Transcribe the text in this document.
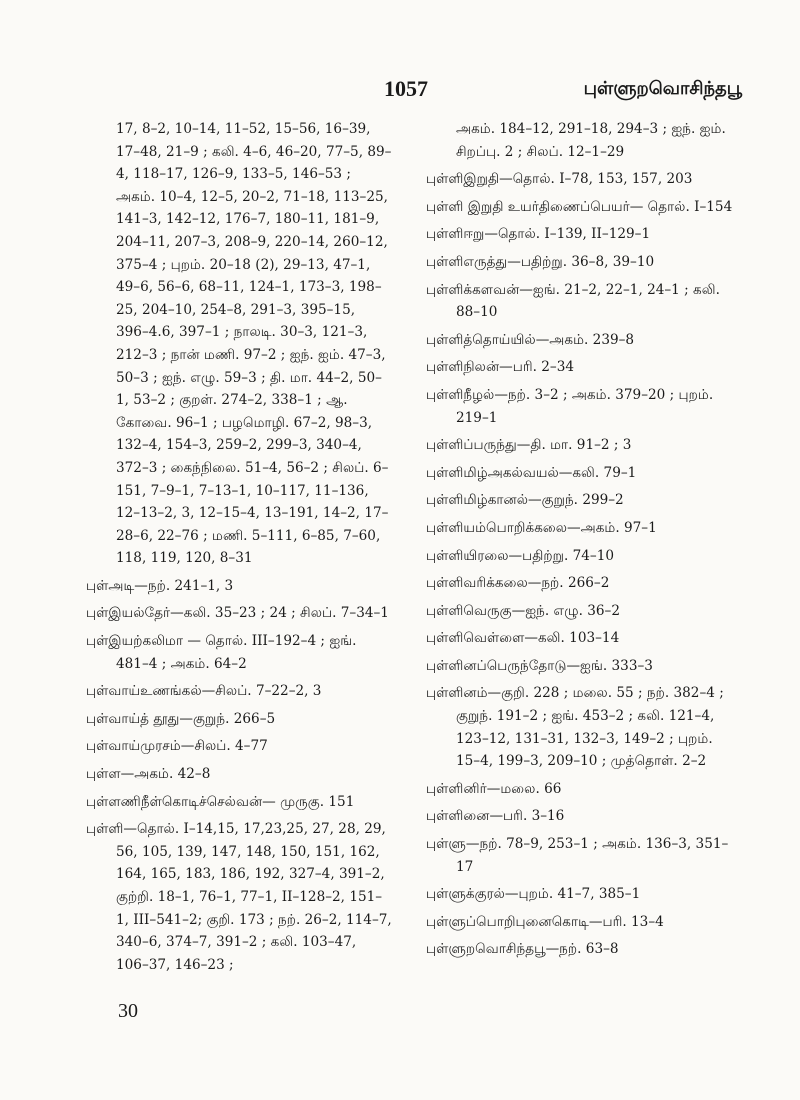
1057	புள்ளுறவொசிந்தபூ
17, 8–2, 10–14, 11–52, 15–56, 16–39, 17–48, 21–9 ; கலி. 4–6, 46–20, 77–5, 89–4, 118–17, 126–9, 133–5, 146–53 ; அகம். 10–4, 12–5, 20–2, 71–18, 113–25, 141–3, 142–12, 176–7, 180–11, 181–9, 204–11, 207–3, 208–9, 220–14, 260–12, 375–4 ; புறம். 20–18 (2), 29–13, 47–1, 49–6, 56–6, 68–11, 124–1, 173–3, 198–25, 204–10, 254–8, 291–3, 395–15, 396–4.6, 397–1 ; நாலடி. 30–3, 121–3, 212–3 ; நான் மணி. 97–2 ; ஐந். ஐம். 47–3, 50–3 ; ஐந். எழு. 59–3 ; தி. மா. 44–2, 50–1, 53–2 ; குறள். 274–2, 338–1 ; ஆ. கோவை. 96–1 ; பழமொழி. 67–2, 98–3, 132–4, 154–3, 259–2, 299–3, 340–4, 372–3 ; கைந்நிலை. 51–4, 56–2 ; சிலப். 6–151, 7–9–1, 7–13–1, 10–117, 11–136, 12–13–2, 3, 12–15–4, 13–191, 14–2, 17–28–6, 22–76 ; மணி. 5–111, 6–85, 7–60, 118, 119, 120, 8–31
புள்அடி—நற். 241–1, 3
புள்இயல்தேர்—கலி. 35–23 ; 24 ; சிலப். 7–34–1
புள்இயற்கலிமா — தொல். III–192–4 ; ஐங். 481–4 ; அகம். 64–2
புள்வாய்உணங்கல்—சிலப். 7–22–2, 3
புள்வாய்த் தூது—குறுந். 266–5
புள்வாய்முரசம்—சிலப். 4–77
புள்ள—அகம். 42–8
புள்ளணிநீள்கொடிச்செல்வன்— முருகு. 151
புள்ளி—தொல். I–14,15, 17,23,25, 27, 28, 29, 56, 105, 139, 147, 148, 150, 151, 162, 164, 165, 183, 186, 192, 327–4, 391–2, குற்றி. 18–1, 76–1, 77–1, II–128–2, 151–1, III–541–2; குறி. 173 ; நற். 26–2, 114–7, 340–6, 374–7, 391–2 ; கலி. 103–47, 106–37, 146–23 ;
அகம். 184–12, 291–18, 294–3 ; ஐந். ஐம். சிறப்பு. 2 ; சிலப். 12–1–29
புள்ளிஇறுதி—தொல். I–78, 153, 157, 203
புள்ளி இறுதி உயர்திணைப்பெயர்— தொல். I–154
புள்ளிஈறு—தொல். I–139, II–129–1
புள்ளிஎருத்து—பதிற்று. 36–8, 39–10
புள்ளிக்களவன்—ஐங். 21–2, 22–1, 24–1 ; கலி. 88–10
புள்ளித்தொய்யில்—அகம். 239–8
புள்ளிநிலன்—பரி. 2–34
புள்ளிநீழல்—நற். 3–2 ; அகம். 379–20 ; புறம். 219–1
புள்ளிப்பருந்து—தி. மா. 91–2 ; 3
புள்ளிமிழ்அகல்வயல்—கலி. 79–1
புள்ளிமிழ்கானல்—குறுந். 299–2
புள்ளியம்பொறிக்கலை—அகம். 97–1
புள்ளியிரலை—பதிற்று. 74–10
புள்ளிவரிக்கலை—நற். 266–2
புள்ளிவெருகு—ஐந். எழு. 36–2
புள்ளிவெள்ளை—கலி. 103–14
புள்ளினப்பெருந்தோடு—ஐங். 333–3
புள்ளினம்—குறி. 228 ; மலை. 55 ; நற். 382–4 ; குறுந். 191–2 ; ஐங். 453–2 ; கலி. 121–4, 123–12, 131–31, 132–3, 149–2 ; புறம். 15–4, 199–3, 209–10 ; முத்தொள். 2–2
புள்ளினிர்—மலை. 66
புள்ளினை—பரி. 3–16
புள்ளு—நற். 78–9, 253–1 ; அகம். 136–3, 351–17
புள்ளுக்குரல்—புறம். 41–7, 385–1
புள்ளுப்பொறிபுனைகொடி—பரி. 13–4
புள்ளுறவொசிந்தபூ—நற். 63–8
30
